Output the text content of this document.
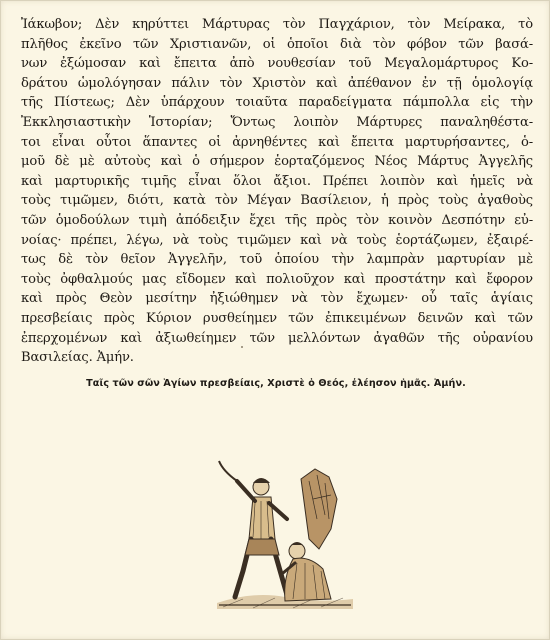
Ἰάκωβον; Δὲν κηρύττει Μάρτυρας τὸν Παγχάριον, τὸν Μείρακα, τὸ
πλῆθος ἐκεῖνο τῶν Χριστιανῶν, οἱ ὁποῖοι διὰ τὸν φόβον τῶν βασά-
νων ἐξώμοσαν καὶ ἔπειτα ἀπὸ νουθεσίαν τοῦ Μεγαλομάρτυρος Κο-
δράτου ὡμολόγησαν πάλιν τὸν Χριστὸν καὶ ἀπέθανον ἐν τῇ ὁμολογίᾳ
τῆς Πίστεως; Δὲν ὑπάρχουν τοιαῦτα παραδείγματα πάμπολλα εἰς τὴν
Ἐκκλησιαστικὴν Ἱστορίαν; Ὄντως λοιπὸν Μάρτυρες παναληθέστα-
τοι εἶναι οὗτοι ἅπαντες οἱ ἀρνηθέντες καὶ ἔπειτα μαρτυρήσαντες, ὁ-
μοῦ δὲ μὲ αὐτοὺς καὶ ὁ σήμερον ἑορταζόμενος Νέος Μάρτυς Ἀγγελῆς
καὶ μαρτυρικῆς τιμῆς εἶναι ὅλοι ἄξιοι. Πρέπει λοιπὸν καὶ ἡμεῖς νὰ
τοὺς τιμῶμεν, διότι, κατὰ τὸν Μέγαν Βασίλειον, ἡ πρὸς τοὺς ἀγαθοὺς
τῶν ὁμοδούλων τιμὴ ἀπόδειξιν ἔχει τῆς πρὸς τὸν κοινὸν Δεσπότην εὐ-
νοίας· πρέπει, λέγω, νὰ τοὺς τιμῶμεν καὶ νὰ τοὺς ἑορτάζωμεν, ἐξαιρέ-
τως δὲ τὸν θεῖον Ἀγγελῆν, τοῦ ὁποίου τὴν λαμπρὰν μαρτυρίαν μὲ
τοὺς ὀφθαλμούς μας εἴδομεν καὶ πολιοῦχον καὶ προστάτην καὶ ἔφορον
καὶ πρὸς Θεὸν μεσίτην ἠξιώθημεν νὰ τὸν ἔχωμεν· οὗ ταῖς ἁγίαις
πρεσβείαις πρὸς Κύριον ρυσθείημεν τῶν ἐπικειμένων δεινῶν καὶ τῶν
ἐπερχομένων καὶ ἀξιωθείημεν τῶν μελλόντων ἀγαθῶν τῆς οὐρανίου
Βασιλείας. Ἀμήν.

Ταῖς τῶν σῶν Ἁγίων πρεσβείαις, Χριστὲ ὁ Θεός, ἐλέησον ἡμᾶς. Ἀμήν.
